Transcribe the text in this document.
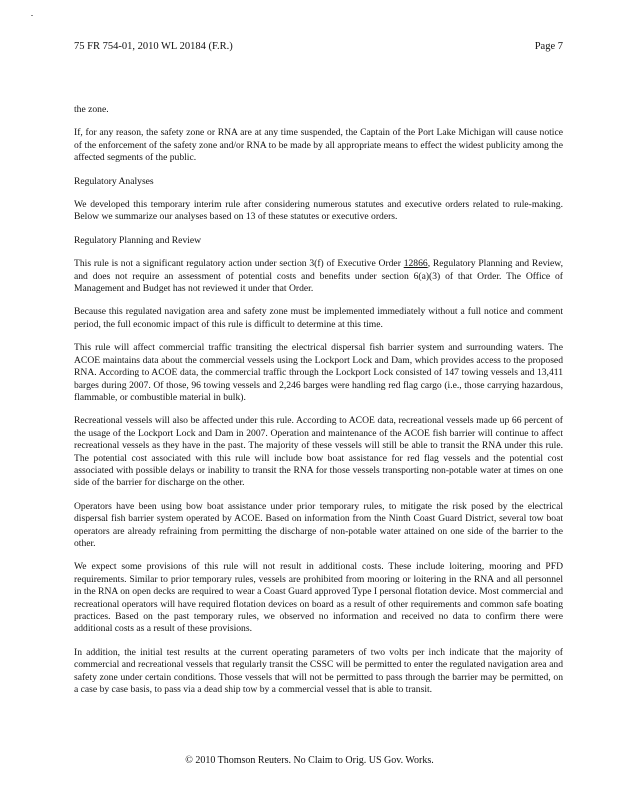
75 FR 754-01, 2010 WL 20184 (F.R.)	Page 7

the zone.

If, for any reason, the safety zone or RNA are at any time suspended, the Captain of the Port Lake Michigan will cause notice of the enforcement of the safety zone and/or RNA to be made by all appropriate means to effect the widest publicity among the affected segments of the public.

Regulatory Analyses

We developed this temporary interim rule after considering numerous statutes and executive orders related to rule-making. Below we summarize our analyses based on 13 of these statutes or executive orders.

Regulatory Planning and Review

This rule is not a significant regulatory action under section 3(f) of Executive Order 12866, Regulatory Planning and Review, and does not require an assessment of potential costs and benefits under section 6(a)(3) of that Order. The Office of Management and Budget has not reviewed it under that Order.

Because this regulated navigation area and safety zone must be implemented immediately without a full notice and comment period, the full economic impact of this rule is difficult to determine at this time.

This rule will affect commercial traffic transiting the electrical dispersal fish barrier system and surrounding waters. The ACOE maintains data about the commercial vessels using the Lockport Lock and Dam, which provides access to the proposed RNA. According to ACOE data, the commercial traffic through the Lockport Lock consisted of 147 towing vessels and 13,411 barges during 2007. Of those, 96 towing vessels and 2,246 barges were handling red flag cargo (i.e., those carrying hazardous, flammable, or combustible material in bulk).

Recreational vessels will also be affected under this rule. According to ACOE data, recreational vessels made up 66 percent of the usage of the Lockport Lock and Dam in 2007. Operation and maintenance of the ACOE fish barrier will continue to affect recreational vessels as they have in the past. The majority of these vessels will still be able to transit the RNA under this rule. The potential cost associated with this rule will include bow boat assistance for red flag vessels and the potential cost associated with possible delays or inability to transit the RNA for those vessels transporting non-potable water at times on one side of the barrier for discharge on the other.

Operators have been using bow boat assistance under prior temporary rules, to mitigate the risk posed by the electrical dispersal fish barrier system operated by ACOE. Based on information from the Ninth Coast Guard District, several tow boat operators are already refraining from permitting the discharge of non-potable water attained on one side of the barrier to the other.

We expect some provisions of this rule will not result in additional costs. These include loitering, mooring and PFD requirements. Similar to prior temporary rules, vessels are prohibited from mooring or loitering in the RNA and all personnel in the RNA on open decks are required to wear a Coast Guard approved Type I personal flotation device. Most commercial and recreational operators will have required flotation devices on board as a result of other requirements and common safe boating practices. Based on the past temporary rules, we observed no information and received no data to confirm there were additional costs as a result of these provisions.

In addition, the initial test results at the current operating parameters of two volts per inch indicate that the majority of commercial and recreational vessels that regularly transit the CSSC will be permitted to enter the regulated navigation area and safety zone under certain conditions. Those vessels that will not be permitted to pass through the barrier may be permitted, on a case by case basis, to pass via a dead ship tow by a commercial vessel that is able to transit.

© 2010 Thomson Reuters. No Claim to Orig. US Gov. Works.
